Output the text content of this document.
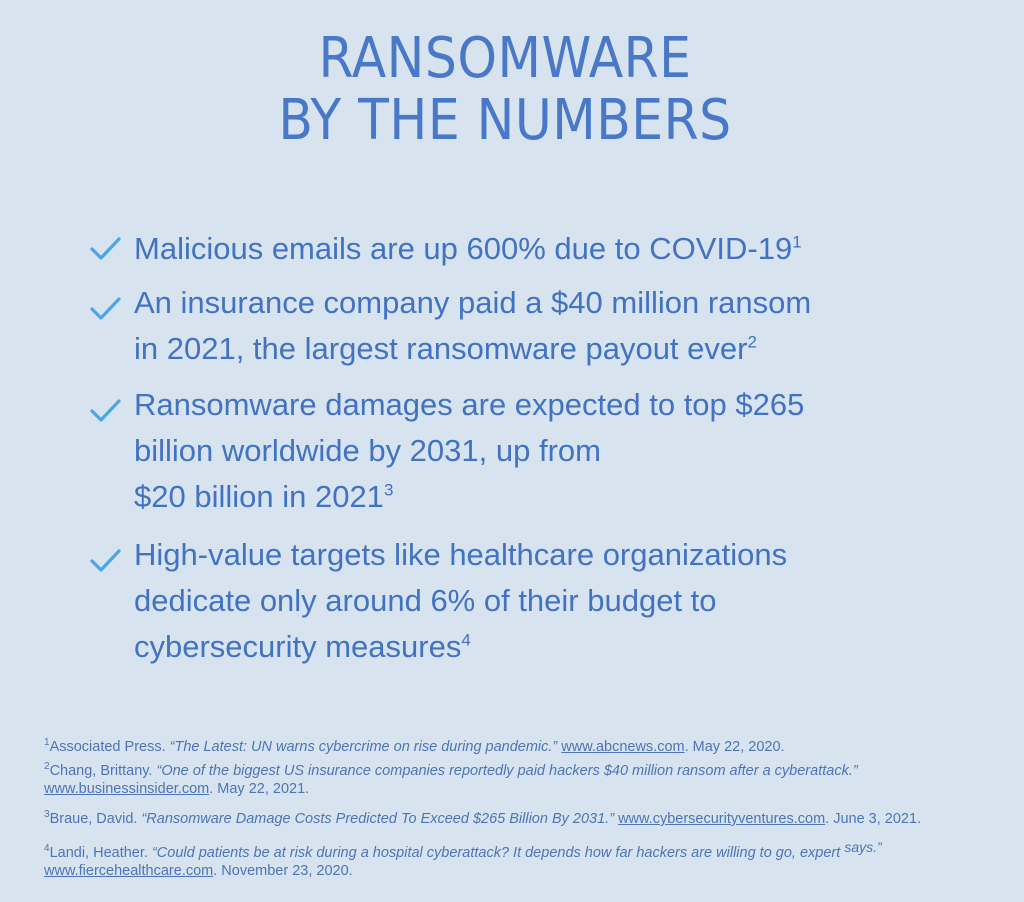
RANSOMWARE
BY THE NUMBERS
Malicious emails are up 600% due to COVID-$19^1$
An insurance company paid a $40 million ransom
in 2021, the largest ransomware payout ever$^2$
Ransomware damages are expected to top $265
billion worldwide by 2031, up from
$20 billion in 2021$^3$
High-value targets like healthcare organizations
dedicate only around 6% of their budget to
cybersecurity measures$^4$
$^1$Associated Press. “The Latest: UN warns cybercrime on rise during pandemic.” www.abcnews.com. May 22, 2020.
$^2$Chang, Brittany. “One of the biggest US insurance companies reportedly paid hackers $40 million ransom after a cyberattack.”
www.businessinsider.com. May 22, 2021.
$^3$Braue, David. “Ransomware Damage Costs Predicted To Exceed $265 Billion By 2031.” www.cybersecurityventures.com. June 3, 2021.
$^4$Landi, Heather. “Could patients be at risk during a hospital cyberattack? It depends how far hackers are willing to go, expert says.”
www.fiercehealthcare.com. November 23, 2020.
